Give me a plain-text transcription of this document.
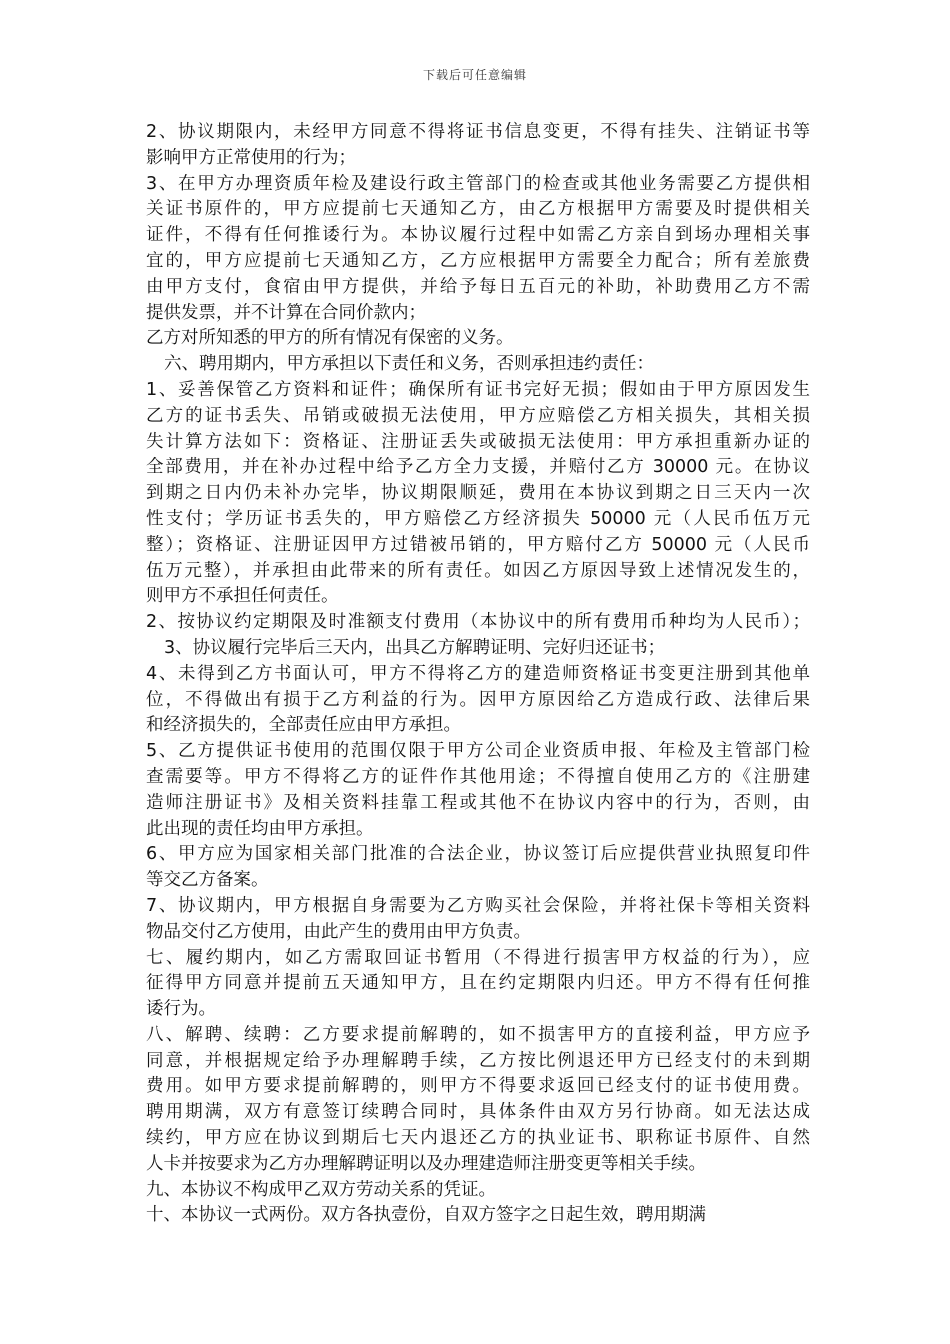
下载后可任意编辑
2、协议期限内，未经甲方同意不得将证书信息变更，不得有挂失、注销证书等
影响甲方正常使用的行为；
3、在甲方办理资质年检及建设行政主管部门的检查或其他业务需要乙方提供相
关证书原件的，甲方应提前七天通知乙方，由乙方根据甲方需要及时提供相关
证件，不得有任何推诿行为。本协议履行过程中如需乙方亲自到场办理相关事
宜的，甲方应提前七天通知乙方，乙方应根据甲方需要全力配合；所有差旅费
由甲方支付，食宿由甲方提供，并给予每日五百元的补助，补助费用乙方不需
提供发票，并不计算在合同价款内；
乙方对所知悉的甲方的所有情况有保密的义务。
六、聘用期内，甲方承担以下责任和义务，否则承担违约责任：
1、妥善保管乙方资料和证件；确保所有证书完好无损；假如由于甲方原因发生
乙方的证书丢失、吊销或破损无法使用，甲方应赔偿乙方相关损失，其相关损
失计算方法如下：资格证、注册证丢失或破损无法使用：甲方承担重新办证的
全部费用，并在补办过程中给予乙方全力支援，并赔付乙方 30000 元。在协议
到期之日内仍未补办完毕，协议期限顺延，费用在本协议到期之日三天内一次
性支付；学历证书丢失的，甲方赔偿乙方经济损失 50000 元（人民币伍万元
整）；资格证、注册证因甲方过错被吊销的，甲方赔付乙方 50000 元（人民币
伍万元整），并承担由此带来的所有责任。如因乙方原因导致上述情况发生的，
则甲方不承担任何责任。
2、按协议约定期限及时准额支付费用（本协议中的所有费用币种均为人民币）；
3、协议履行完毕后三天内，出具乙方解聘证明、完好归还证书；
4、未得到乙方书面认可，甲方不得将乙方的建造师资格证书变更注册到其他单
位，不得做出有损于乙方利益的行为。因甲方原因给乙方造成行政、法律后果
和经济损失的，全部责任应由甲方承担。
5、乙方提供证书使用的范围仅限于甲方公司企业资质申报、年检及主管部门检
查需要等。甲方不得将乙方的证件作其他用途；不得擅自使用乙方的《注册建
造师注册证书》及相关资料挂靠工程或其他不在协议内容中的行为，否则，由
此出现的责任均由甲方承担。
6、甲方应为国家相关部门批准的合法企业，协议签订后应提供营业执照复印件
等交乙方备案。
7、协议期内，甲方根据自身需要为乙方购买社会保险，并将社保卡等相关资料
物品交付乙方使用，由此产生的费用由甲方负责。
七、履约期内，如乙方需取回证书暂用（不得进行损害甲方权益的行为），应
征得甲方同意并提前五天通知甲方，且在约定期限内归还。甲方不得有任何推
诿行为。
八、解聘、续聘：乙方要求提前解聘的，如不损害甲方的直接利益，甲方应予
同意，并根据规定给予办理解聘手续，乙方按比例退还甲方已经支付的未到期
费用。如甲方要求提前解聘的，则甲方不得要求返回已经支付的证书使用费。
聘用期满，双方有意签订续聘合同时，具体条件由双方另行协商。如无法达成
续约，甲方应在协议到期后七天内退还乙方的执业证书、职称证书原件、自然
人卡并按要求为乙方办理解聘证明以及办理建造师注册变更等相关手续。
九、本协议不构成甲乙双方劳动关系的凭证。
十、本协议一式两份。双方各执壹份，自双方签字之日起生效，聘用期满
